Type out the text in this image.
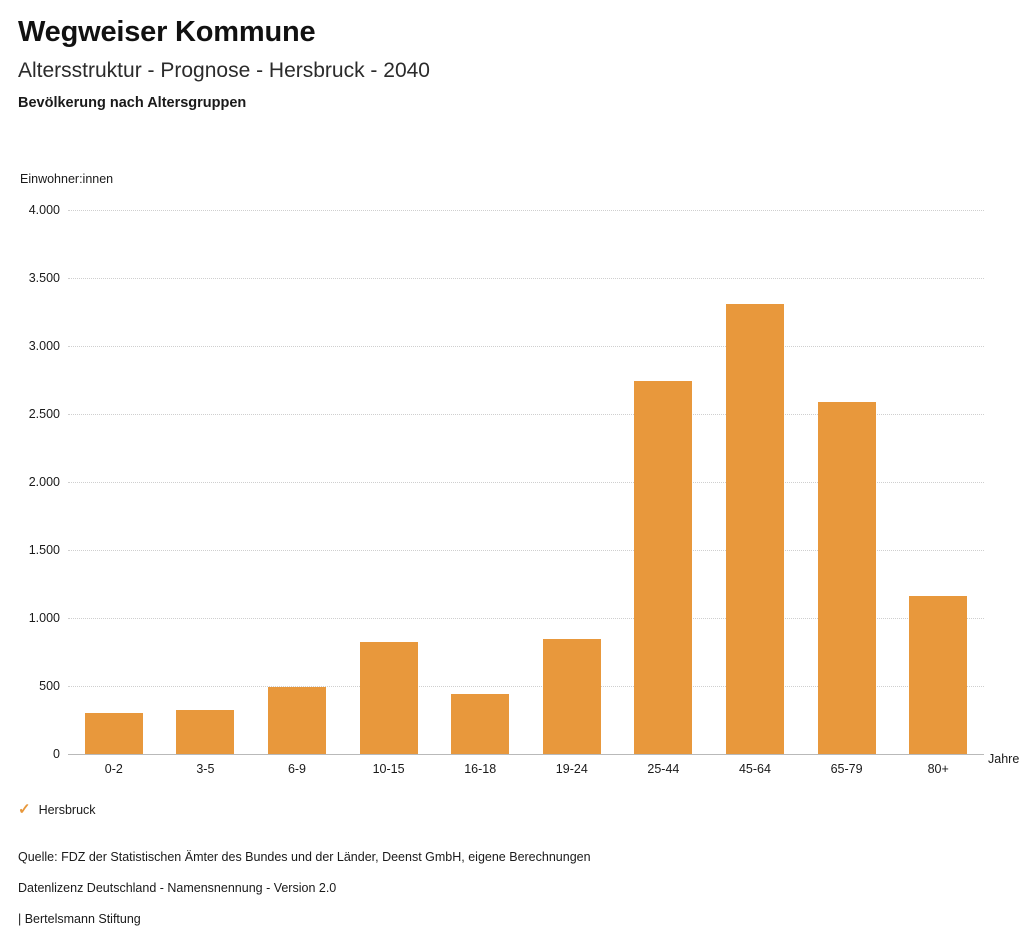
Wegweiser Kommune
Altersstruktur - Prognose - Hersbruck - 2040
Bevölkerung nach Altersgruppen
Einwohner:innen
0
500
1.000
1.500
2.000
2.500
3.000
3.500
4.000
0-2	3-5	6-9	10-15	16-18	19-24	25-44	45-64	65-79	80+
Jahre
✓ Hersbruck
Quelle: FDZ der Statistischen Ämter des Bundes und der Länder, Deenst GmbH, eigene Berechnungen
Datenlizenz Deutschland - Namensnennung - Version 2.0
| Bertelsmann Stiftung
